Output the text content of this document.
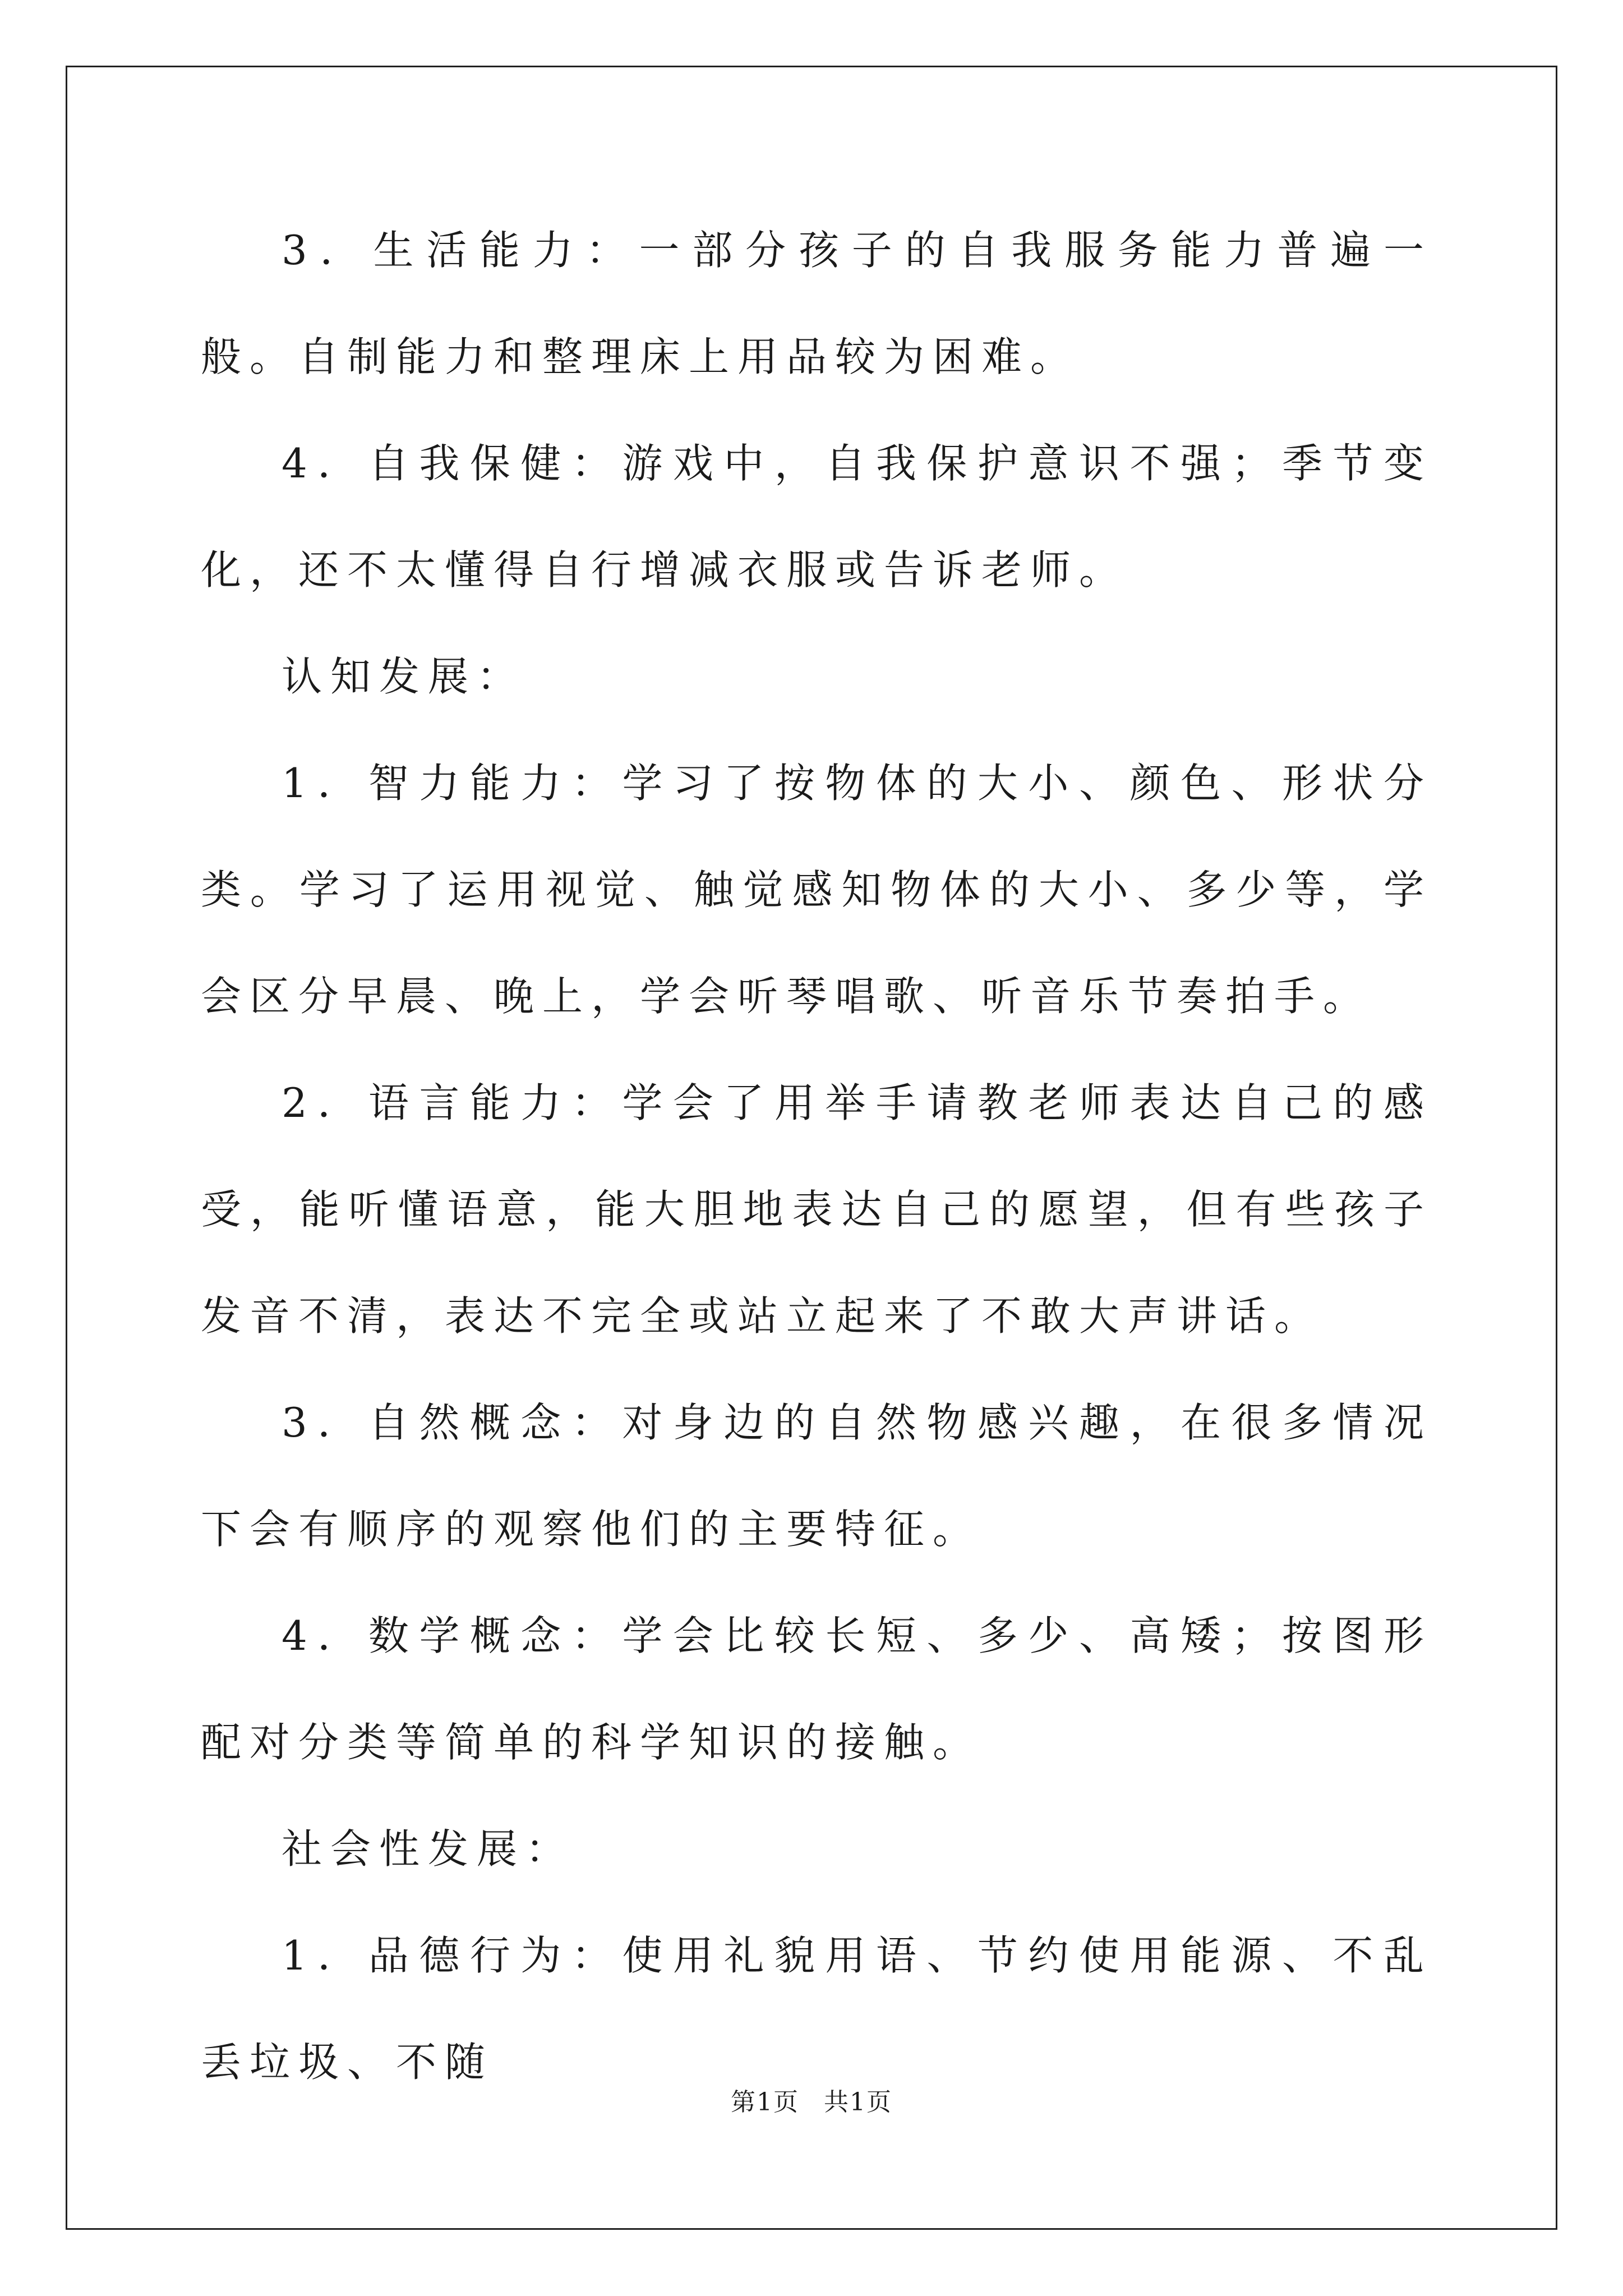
3．生活能力：一部分孩子的自我服务能力普遍一般。自制能力和整理床上用品较为困难。

4．自我保健：游戏中，自我保护意识不强；季节变化，还不太懂得自行增减衣服或告诉老师。

认知发展：

1．智力能力：学习了按物体的大小、颜色、形状分类。学习了运用视觉、触觉感知物体的大小、多少等，学会区分早晨、晚上，学会听琴唱歌、听音乐节奏拍手。

2．语言能力：学会了用举手请教老师表达自己的感受，能听懂语意，能大胆地表达自己的愿望，但有些孩子发音不清，表达不完全或站立起来了不敢大声讲话。

3．自然概念：对身边的自然物感兴趣，在很多情况下会有顺序的观察他们的主要特征。

4．数学概念：学会比较长短、多少、高矮；按图形配对分类等简单的科学知识的接触。

社会性发展：

1．品德行为：使用礼貌用语、节约使用能源、不乱丢垃圾、不随

第1页 共1页
